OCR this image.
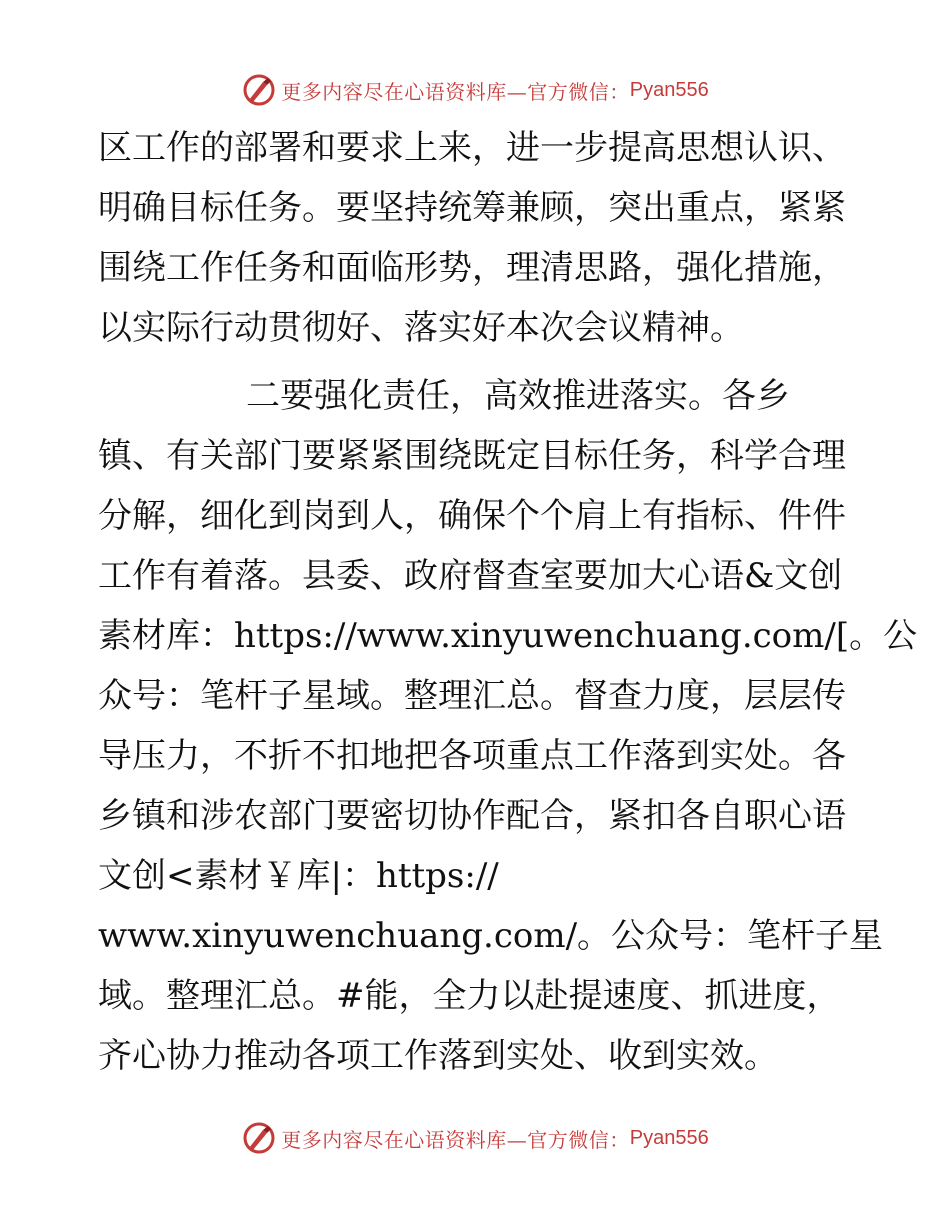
更多内容尽在心语资料库—官方微信： Pyan556
区工作的部署和要求上来，进一步提高思想认识、
明确目标任务。要坚持统筹兼顾，突出重点，紧紧
围绕工作任务和面临形势，理清思路，强化措施，
以实际行动贯彻好、落实好本次会议精神。
二要强化责任，高效推进落实。各乡
镇、有关部门要紧紧围绕既定目标任务，科学合理
分解，细化到岗到人，确保个个肩上有指标、件件
工作有着落。县委、政府督查室要加大心语&文创
素材库：https://www.xinyuwenchuang.com/[。公
众号：笔杆子星域。整理汇总。督查力度，层层传
导压力，不折不扣地把各项重点工作落到实处。各
乡镇和涉农部门要密切协作配合，紧扣各自职心语
文创<素材￥库|：https://
www.xinyuwenchuang.com/。公众号：笔杆子星
域。整理汇总。#能，全力以赴提速度、抓进度，
齐心协力推动各项工作落到实处、收到实效。
更多内容尽在心语资料库—官方微信： Pyan556
